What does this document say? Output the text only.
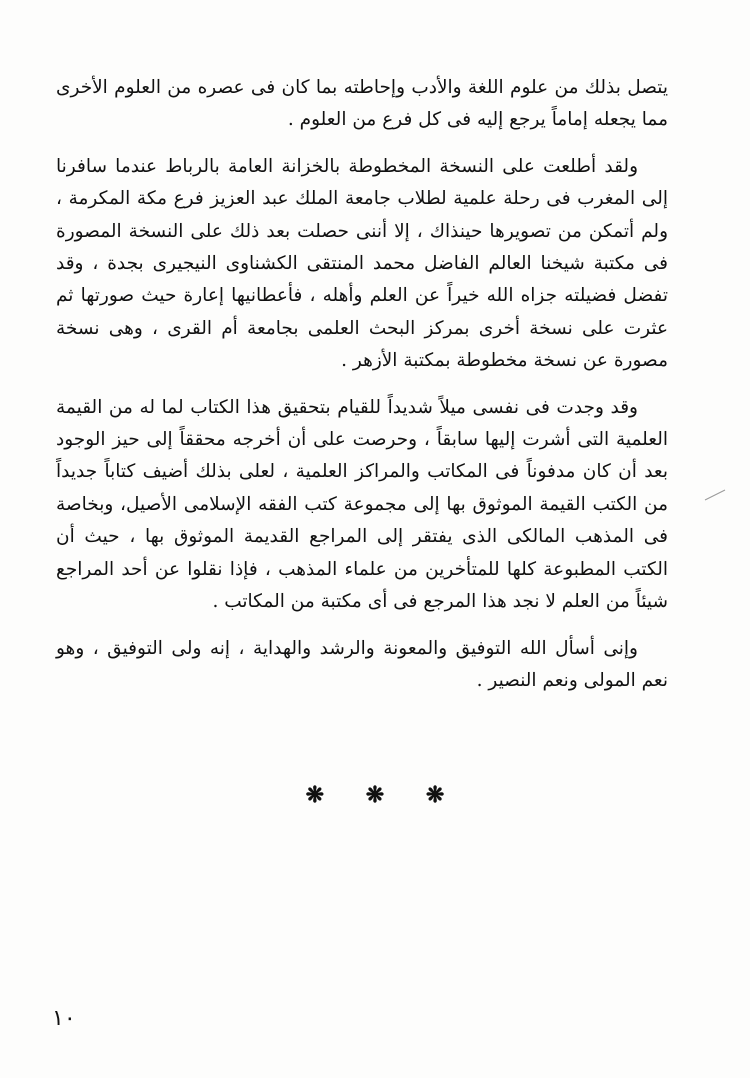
يتصل بذلك من علوم اللغة والأدب وإحاطته بما كان فى عصره من العلوم الأخرى مما يجعله إماماً يرجع إليه فى كل فرع من العلوم .

ولقد أطلعت على النسخة المخطوطة بالخزانة العامة بالرباط عندما سافرنا إلى المغرب فى رحلة علمية لطلاب جامعة الملك عبد العزيز فرع مكة المكرمة ، ولم أتمكن من تصويرها حينذاك ، إلا أننى حصلت بعد ذلك على النسخة المصورة فى مكتبة شيخنا العالم الفاضل محمد المنتقى الكشناوى النيجيرى بجدة ، وقد تفضل فضيلته جزاه الله خيراً عن العلم وأهله ، فأعطانيها إعارة حيث صورتها ثم عثرت على نسخة أخرى بمركز البحث العلمى بجامعة أم القرى ، وهى نسخة مصورة عن نسخة مخطوطة بمكتبة الأزهر .

وقد وجدت فى نفسى ميلاً شديداً للقيام بتحقيق هذا الكتاب لما له من القيمة العلمية التى أشرت إليها سابقاً ، وحرصت على أن أخرجه محققاً إلى حيز الوجود بعد أن كان مدفوناً فى المكاتب والمراكز العلمية ، لعلى بذلك أضيف كتاباً جديداً من الكتب القيمة الموثوق بها إلى مجموعة كتب الفقه الإسلامى الأصيل، وبخاصة فى المذهب المالكى الذى يفتقر إلى المراجع القديمة الموثوق بها ، حيث أن الكتب المطبوعة كلها للمتأخرين من علماء المذهب ، فإذا نقلوا عن أحد المراجع شيئاً من العلم لا نجد هذا المرجع فى أى مكتبة من المكاتب .

وإنى أسأل الله التوفيق والمعونة والرشد والهداية ، إنه ولى التوفيق ، وهو نعم المولى ونعم النصير .

❋ ❋ ❋
١٠
